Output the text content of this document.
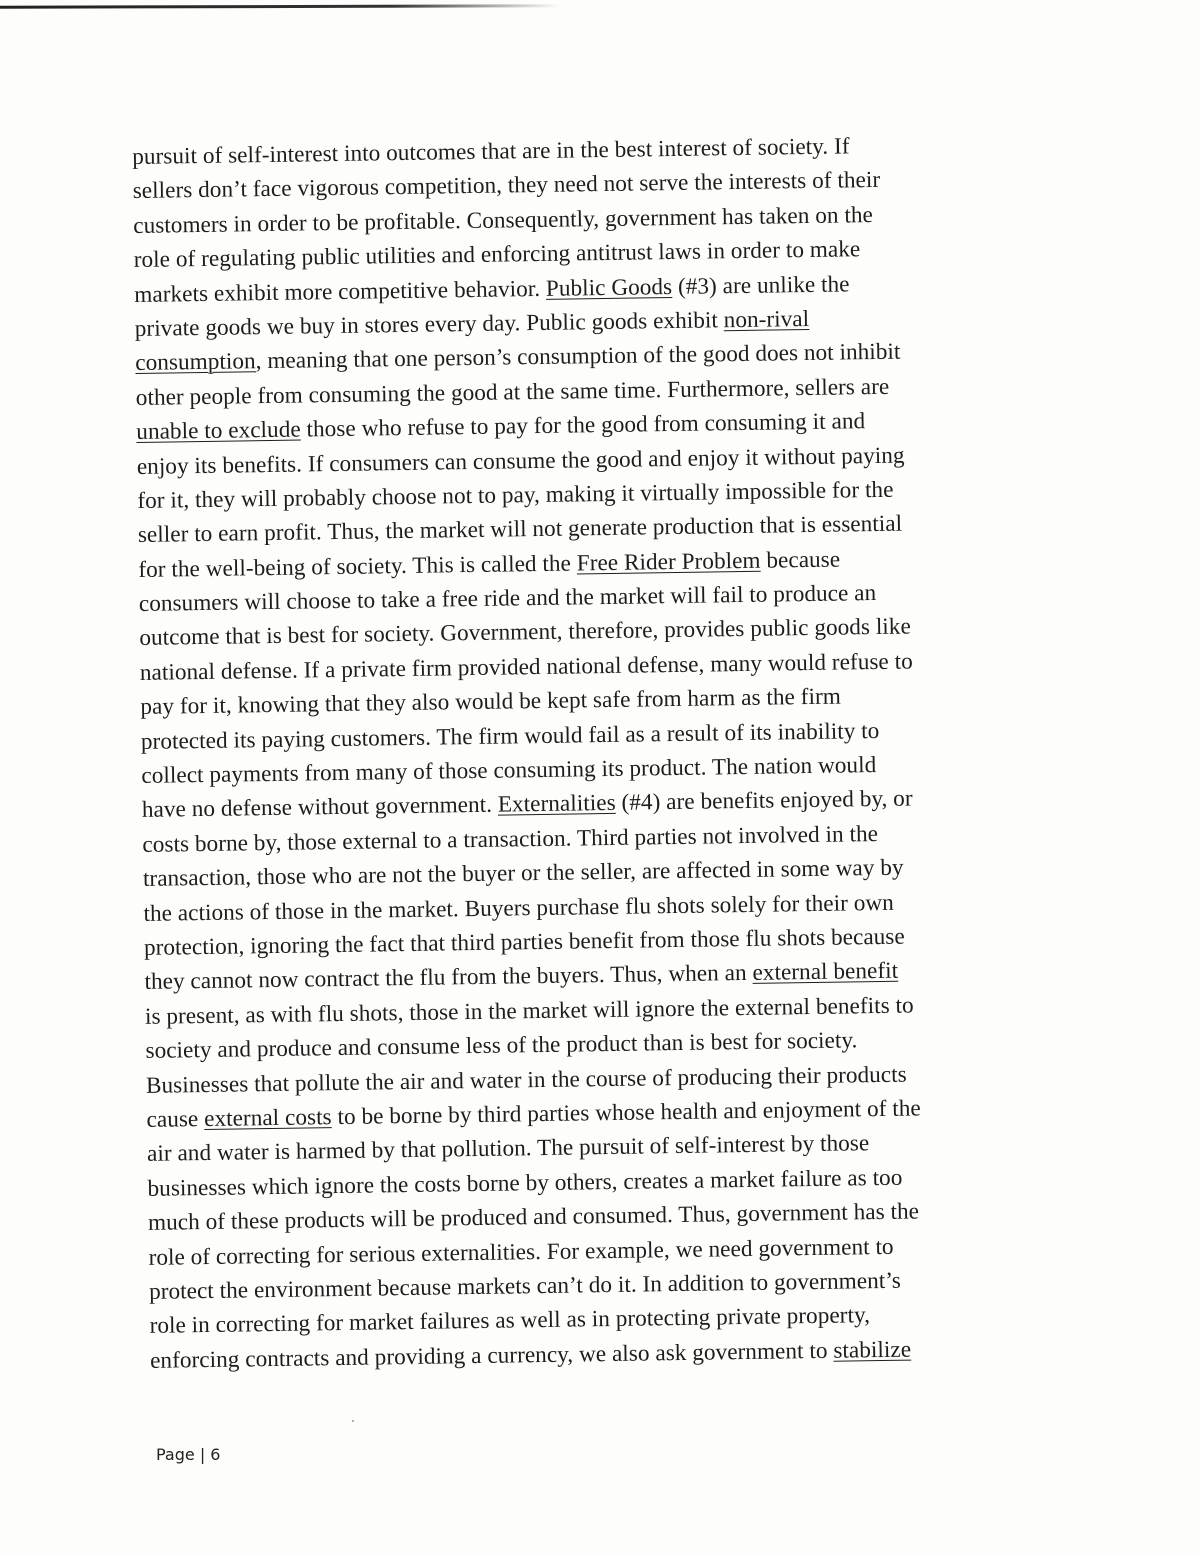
pursuit of self-interest into outcomes that are in the best interest of society. If
sellers don’t face vigorous competition, they need not serve the interests of their
customers in order to be profitable. Consequently, government has taken on the
role of regulating public utilities and enforcing antitrust laws in order to make
markets exhibit more competitive behavior. Public Goods (#3) are unlike the
private goods we buy in stores every day. Public goods exhibit non-rival
consumption, meaning that one person’s consumption of the good does not inhibit
other people from consuming the good at the same time. Furthermore, sellers are
unable to exclude those who refuse to pay for the good from consuming it and
enjoy its benefits. If consumers can consume the good and enjoy it without paying
for it, they will probably choose not to pay, making it virtually impossible for the
seller to earn profit. Thus, the market will not generate production that is essential
for the well-being of society. This is called the Free Rider Problem because
consumers will choose to take a free ride and the market will fail to produce an
outcome that is best for society. Government, therefore, provides public goods like
national defense. If a private firm provided national defense, many would refuse to
pay for it, knowing that they also would be kept safe from harm as the firm
protected its paying customers. The firm would fail as a result of its inability to
collect payments from many of those consuming its product. The nation would
have no defense without government. Externalities (#4) are benefits enjoyed by, or
costs borne by, those external to a transaction. Third parties not involved in the
transaction, those who are not the buyer or the seller, are affected in some way by
the actions of those in the market. Buyers purchase flu shots solely for their own
protection, ignoring the fact that third parties benefit from those flu shots because
they cannot now contract the flu from the buyers. Thus, when an external benefit
is present, as with flu shots, those in the market will ignore the external benefits to
society and produce and consume less of the product than is best for society.
Businesses that pollute the air and water in the course of producing their products
cause external costs to be borne by third parties whose health and enjoyment of the
air and water is harmed by that pollution. The pursuit of self-interest by those
businesses which ignore the costs borne by others, creates a market failure as too
much of these products will be produced and consumed. Thus, government has the
role of correcting for serious externalities. For example, we need government to
protect the environment because markets can’t do it. In addition to government’s
role in correcting for market failures as well as in protecting private property,
enforcing contracts and providing a currency, we also ask government to stabilize
Page | 6
